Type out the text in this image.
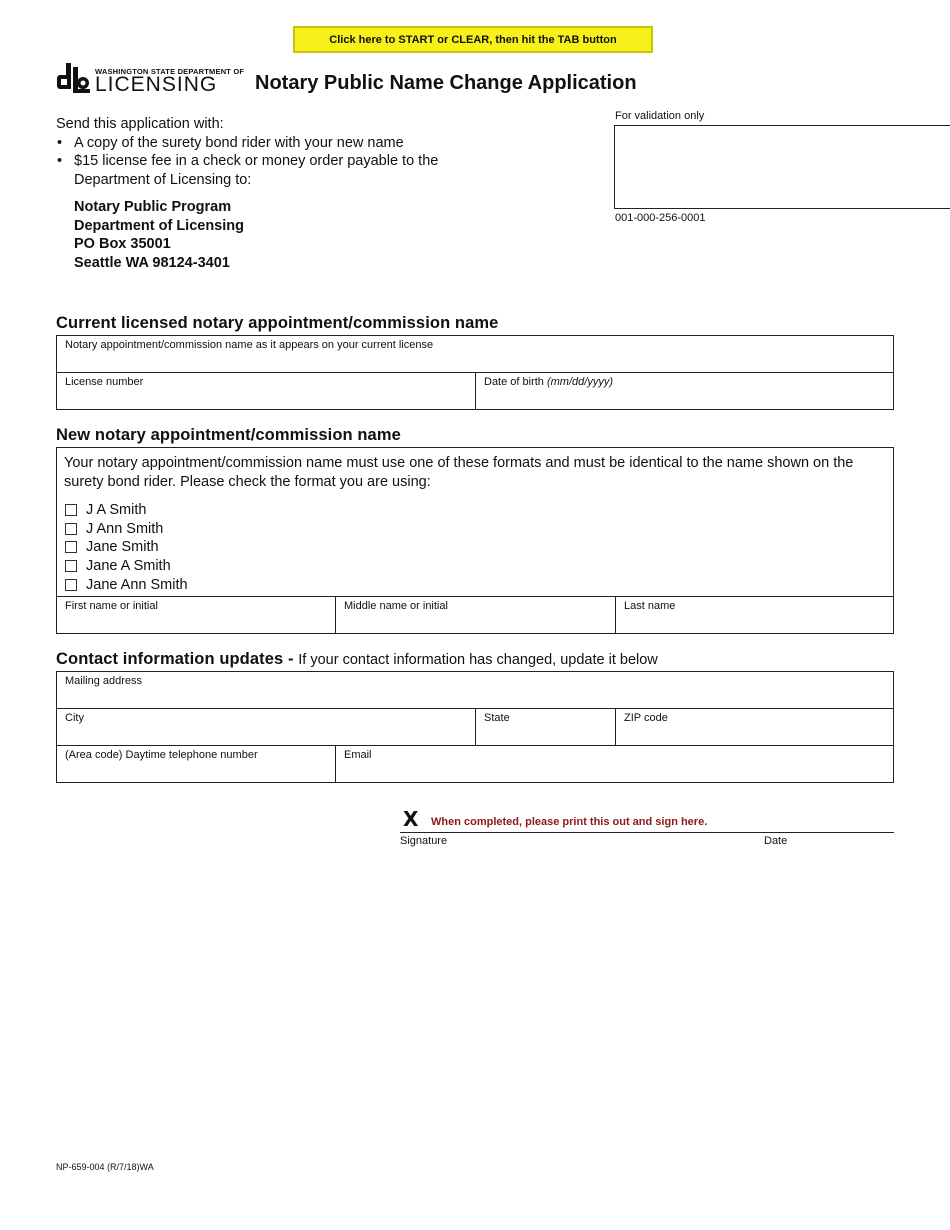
Click here to START or CLEAR, then hit the TAB button
WASHINGTON STATE DEPARTMENT OF
LICENSING Notary Public Name Change Application
Send this application with:
• A copy of the surety bond rider with your new name
• $15 license fee in a check or money order payable to the Department of Licensing to:
Notary Public Program
Department of Licensing
PO Box 35001
Seattle WA 98124-3401
For validation only
001-000-256-0001
Current licensed notary appointment/commission name
Notary appointment/commission name as it appears on your current license
License number	Date of birth (mm/dd/yyyy)
New notary appointment/commission name
Your notary appointment/commission name must use one of these formats and must be identical to the name shown on the surety bond rider. Please check the format you are using:
J A Smith
J Ann Smith
Jane Smith
Jane A Smith
Jane Ann Smith
First name or initial	Middle name or initial	Last name
Contact information updates - If your contact information has changed, update it below
Mailing address
City	State	ZIP code
(Area code) Daytime telephone number	Email
X When completed, please print this out and sign here.
Signature	Date
NP-659-004 (R/7/18)WA
